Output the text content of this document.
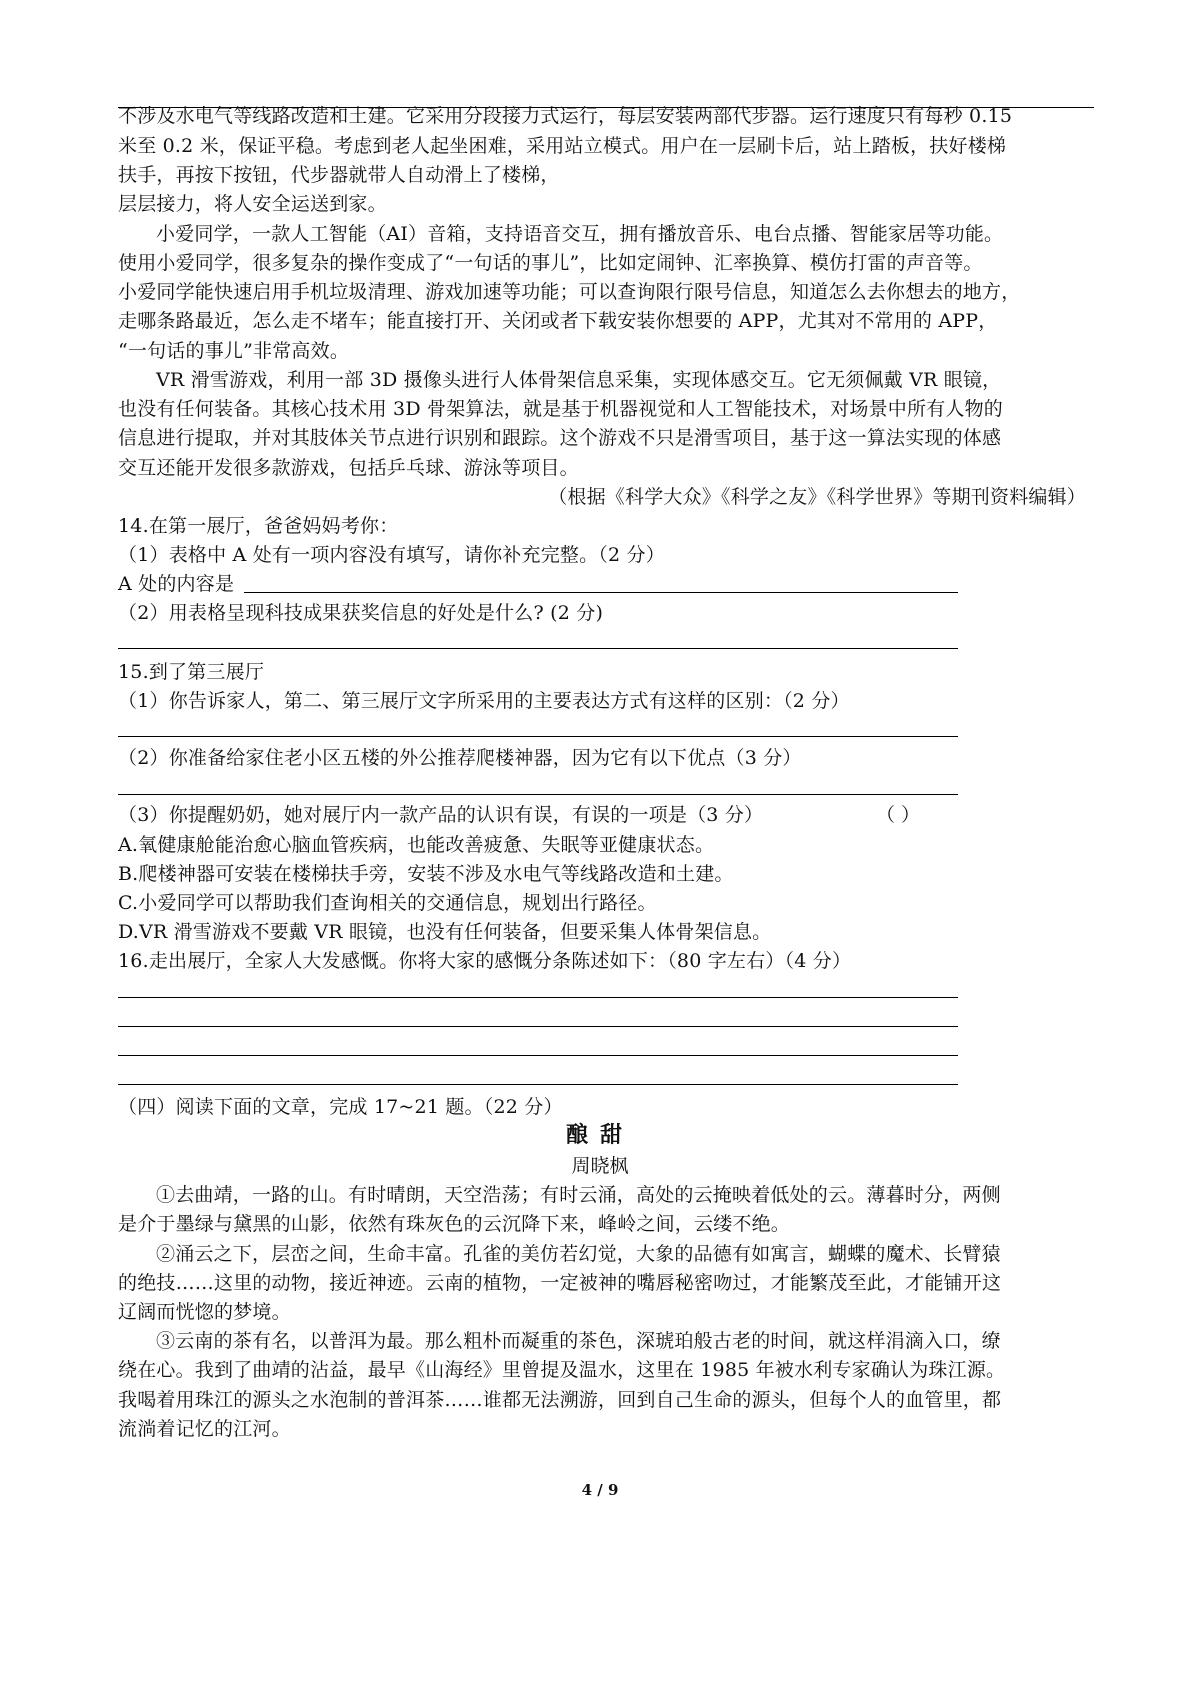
不涉及水电气等线路改造和土建。它采用分段接力式运行，每层安装两部代步器。运行速度只有每秒 0.15
米至 0.2 米，保证平稳。考虑到老人起坐困难，采用站立模式。用户在一层刷卡后，站上踏板，扶好楼梯
扶手，再按下按钮，代步器就带人自动滑上了楼梯，
层层接力，将人安全运送到家。
小爱同学，一款人工智能（AI）音箱，支持语音交互，拥有播放音乐、电台点播、智能家居等功能。
使用小爱同学，很多复杂的操作变成了“一句话的事儿”，比如定闹钟、汇率换算、模仿打雷的声音等。
小爱同学能快速启用手机垃圾清理、游戏加速等功能；可以查询限行限号信息，知道怎么去你想去的地方，
走哪条路最近，怎么走不堵车；能直接打开、关闭或者下载安装你想要的 APP，尤其对不常用的 APP，
“一句话的事儿”非常高效。
VR 滑雪游戏，利用一部 3D 摄像头进行人体骨架信息采集，实现体感交互。它无须佩戴 VR 眼镜，
也没有任何装备。其核心技术用 3D 骨架算法，就是基于机器视觉和人工智能技术，对场景中所有人物的
信息进行提取，并对其肢体关节点进行识别和跟踪。这个游戏不只是滑雪项目，基于这一算法实现的体感
交互还能开发很多款游戏，包括乒乓球、游泳等项目。
（根据《科学大众》《科学之友》《科学世界》等期刊资料编辑）
14.在第一展厅，爸爸妈妈考你：
（1）表格中 A 处有一项内容没有填写，请你补充完整。（2 分）
A 处的内容是
（2）用表格呈现科技成果获奖信息的好处是什么? (2 分)
15.到了第三展厅
（1）你告诉家人，第二、第三展厅文字所采用的主要表达方式有这样的区别：（2 分）
（2）你准备给家住老小区五楼的外公推荐爬楼神器，因为它有以下优点（3 分）
（3）你提醒奶奶，她对展厅内一款产品的认识有误，有误的一项是（3 分）	（ ）
A.氧健康舱能治愈心脑血管疾病，也能改善疲惫、失眠等亚健康状态。
B.爬楼神器可安装在楼梯扶手旁，安装不涉及水电气等线路改造和土建。
C.小爱同学可以帮助我们查询相关的交通信息，规划出行路径。
D.VR 滑雪游戏不要戴 VR 眼镜，也没有任何装备，但要采集人体骨架信息。
16.走出展厅，全家人大发感慨。你将大家的感慨分条陈述如下：（80 字左右）（4 分）
（四）阅读下面的文章，完成 17~21 题。（22 分）
酿甜
周晓枫
①去曲靖，一路的山。有时晴朗，天空浩荡；有时云涌，高处的云掩映着低处的云。薄暮时分，两侧
是介于墨绿与黛黑的山影，依然有珠灰色的云沉降下来，峰岭之间，云缕不绝。
②涌云之下，层峦之间，生命丰富。孔雀的美仿若幻觉，大象的品德有如寓言，蝴蝶的魔术、长臂猿
的绝技……这里的动物，接近神迹。云南的植物，一定被神的嘴唇秘密吻过，才能繁茂至此，才能铺开这
辽阔而恍惚的梦境。
③云南的茶有名，以普洱为最。那么粗朴而凝重的茶色，深琥珀般古老的时间，就这样涓滴入口，缭
绕在心。我到了曲靖的沾益，最早《山海经》里曾提及温水，这里在 1985 年被水利专家确认为珠江源。
我喝着用珠江的源头之水泡制的普洱茶……谁都无法溯游，回到自己生命的源头，但每个人的血管里，都
流淌着记忆的江河。
4 / 9
